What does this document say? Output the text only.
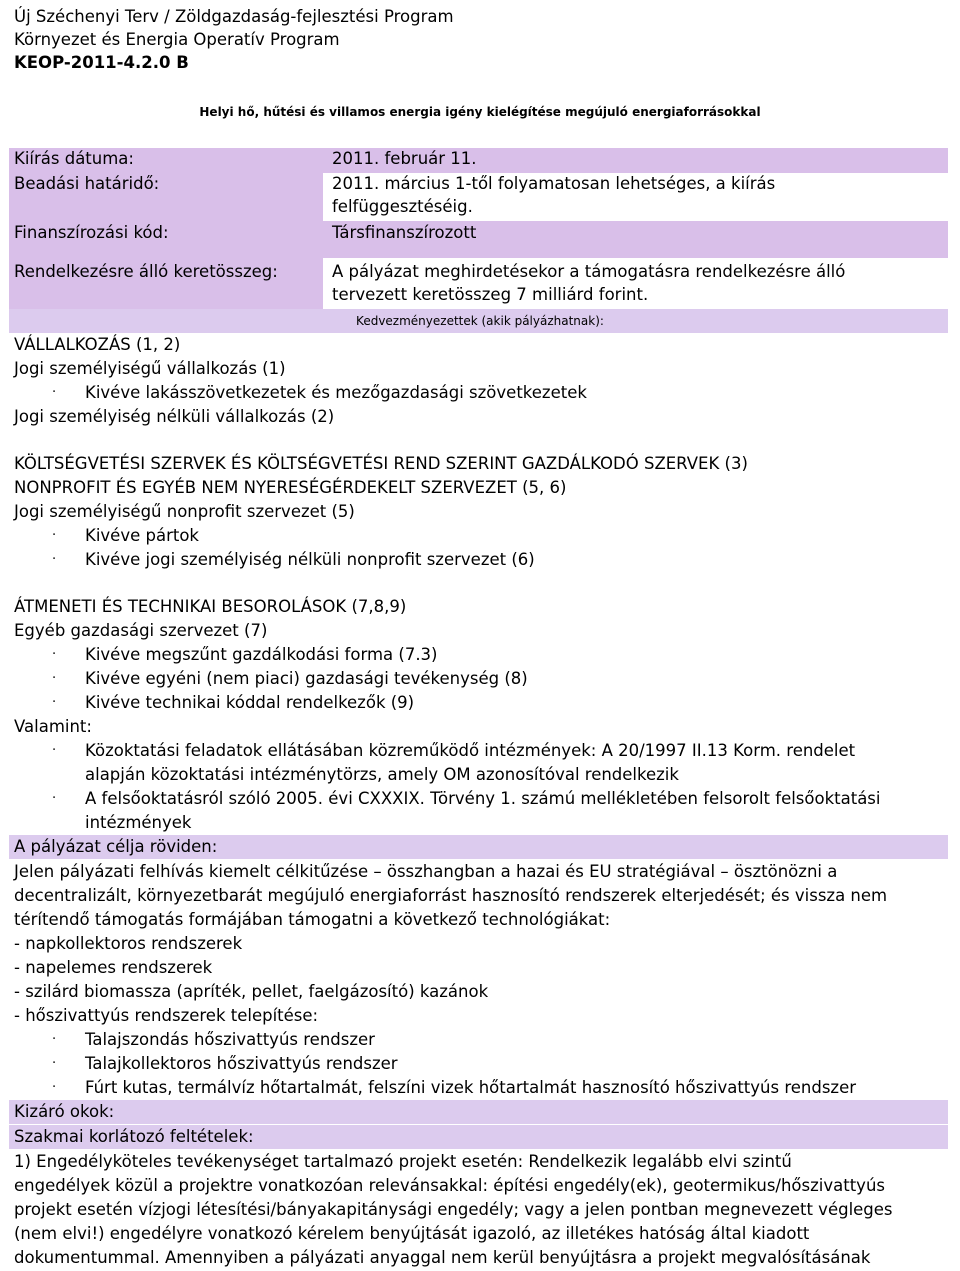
Új Széchenyi Terv / Zöldgazdaság-fejlesztési Program
Környezet és Energia Operatív Program
KEOP-2011-4.2.0 B
Helyi hő, hűtési és villamos energia igény kielégítése megújuló energiaforrásokkal
Kiírás dátuma:	2011. február 11.
Beadási határidő:	2011. március 1-től folyamatosan lehetséges, a kiírás
felfüggesztéséig.
Finanszírozási kód:	Társfinanszírozott
Rendelkezésre álló keretösszeg:	A pályázat meghirdetésekor a támogatásra rendelkezésre álló
tervezett keretösszeg 7 milliárd forint.
Kedvezményezettek (akik pályázhatnak):
VÁLLALKOZÁS (1, 2)
Jogi személyiségű vállalkozás (1)
· Kivéve lakásszövetkezetek és mezőgazdasági szövetkezetek
Jogi személyiség nélküli vállalkozás (2)
KÖLTSÉGVETÉSI SZERVEK ÉS KÖLTSÉGVETÉSI REND SZERINT GAZDÁLKODÓ SZERVEK (3)
NONPROFIT ÉS EGYÉB NEM NYERESÉGÉRDEKELT SZERVEZET (5, 6)
Jogi személyiségű nonprofit szervezet (5)
· Kivéve pártok
· Kivéve jogi személyiség nélküli nonprofit szervezet (6)
ÁTMENETI ÉS TECHNIKAI BESOROLÁSOK (7,8,9)
Egyéb gazdasági szervezet (7)
· Kivéve megszűnt gazdálkodási forma (7.3)
· Kivéve egyéni (nem piaci) gazdasági tevékenység (8)
· Kivéve technikai kóddal rendelkezők (9)
Valamint:
· Közoktatási feladatok ellátásában közreműködő intézmények: A 20/1997 II.13 Korm. rendelet
alapján közoktatási intézménytörzs, amely OM azonosítóval rendelkezik
· A felsőoktatásról szóló 2005. évi CXXXIX. Törvény 1. számú mellékletében felsorolt felsőoktatási
intézmények
A pályázat célja röviden:
Jelen pályázati felhívás kiemelt célkitűzése – összhangban a hazai és EU stratégiával – ösztönözni a
decentralizált, környezetbarát megújuló energiaforrást hasznosító rendszerek elterjedését; és vissza nem
térítendő támogatás formájában támogatni a következő technológiákat:
- napkollektoros rendszerek
- napelemes rendszerek
- szilárd biomassza (apríték, pellet, faelgázosító) kazánok
- hőszivattyús rendszerek telepítése:
· Talajszondás hőszivattyús rendszer
· Talajkollektoros hőszivattyús rendszer
· Fúrt kutas, termálvíz hőtartalmát, felszíni vizek hőtartalmát hasznosító hőszivattyús rendszer
Kizáró okok:
Szakmai korlátozó feltételek:
1) Engedélyköteles tevékenységet tartalmazó projekt esetén: Rendelkezik legalább elvi szintű
engedélyek közül a projektre vonatkozóan relevánsakkal: építési engedély(ek), geotermikus/hőszivattyús
projekt esetén vízjogi létesítési/bányakapitánysági engedély; vagy a jelen pontban megnevezett végleges
(nem elvi!) engedélyre vonatkozó kérelem benyújtását igazoló, az illetékes hatóság által kiadott
dokumentummal. Amennyiben a pályázati anyaggal nem kerül benyújtásra a projekt megvalósításának
